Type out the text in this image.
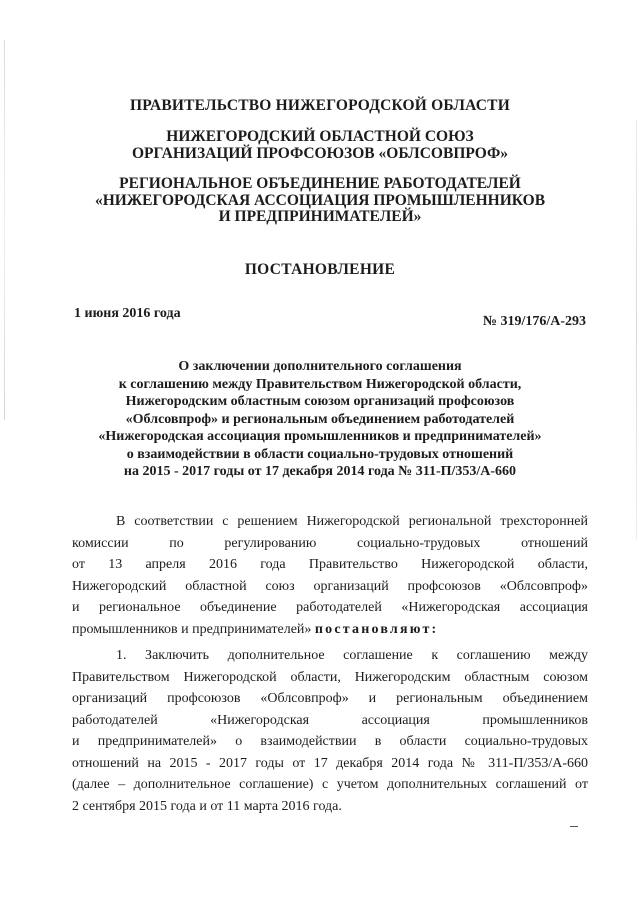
ПРАВИТЕЛЬСТВО НИЖЕГОРОДСКОЙ ОБЛАСТИ
НИЖЕГОРОДСКИЙ ОБЛАСТНОЙ СОЮЗ
ОРГАНИЗАЦИЙ ПРОФСОЮЗОВ «ОБЛСОВПРОФ»
РЕГИОНАЛЬНОЕ ОБЪЕДИНЕНИЕ РАБОТОДАТЕЛЕЙ
«НИЖЕГОРОДСКАЯ АССОЦИАЦИЯ ПРОМЫШЛЕННИКОВ
И ПРЕДПРИНИМАТЕЛЕЙ»
ПОСТАНОВЛЕНИЕ
1 июня 2016 года
№ 319/176/А-293
О заключении дополнительного соглашения
к соглашению между Правительством Нижегородской области,
Нижегородским областным союзом организаций профсоюзов
«Облсовпроф» и региональным объединением работодателей
«Нижегородская ассоциация промышленников и предпринимателей»
о взаимодействии в области социально-трудовых отношений
на 2015 - 2017 годы от 17 декабря 2014 года № 311-П/353/А-660
В соответствии с решением Нижегородской региональной трехсторонней
комиссии по регулированию социально-трудовых отношений
от 13 апреля 2016 года Правительство Нижегородской области,
Нижегородский областной союз организаций профсоюзов «Облсовпроф»
и региональное объединение работодателей «Нижегородская ассоциация
промышленников и предпринимателей» постановляют:
1. Заключить дополнительное соглашение к соглашению между
Правительством Нижегородской области, Нижегородским областным союзом
организаций профсоюзов «Облсовпроф» и региональным объединением
работодателей «Нижегородская ассоциация промышленников
и предпринимателей» о взаимодействии в области социально-трудовых
отношений на 2015 - 2017 годы от 17 декабря 2014 года № 311-П/353/А-660
(далее – дополнительное соглашение) с учетом дополнительных соглашений от
2 сентября 2015 года и от 11 марта 2016 года.
